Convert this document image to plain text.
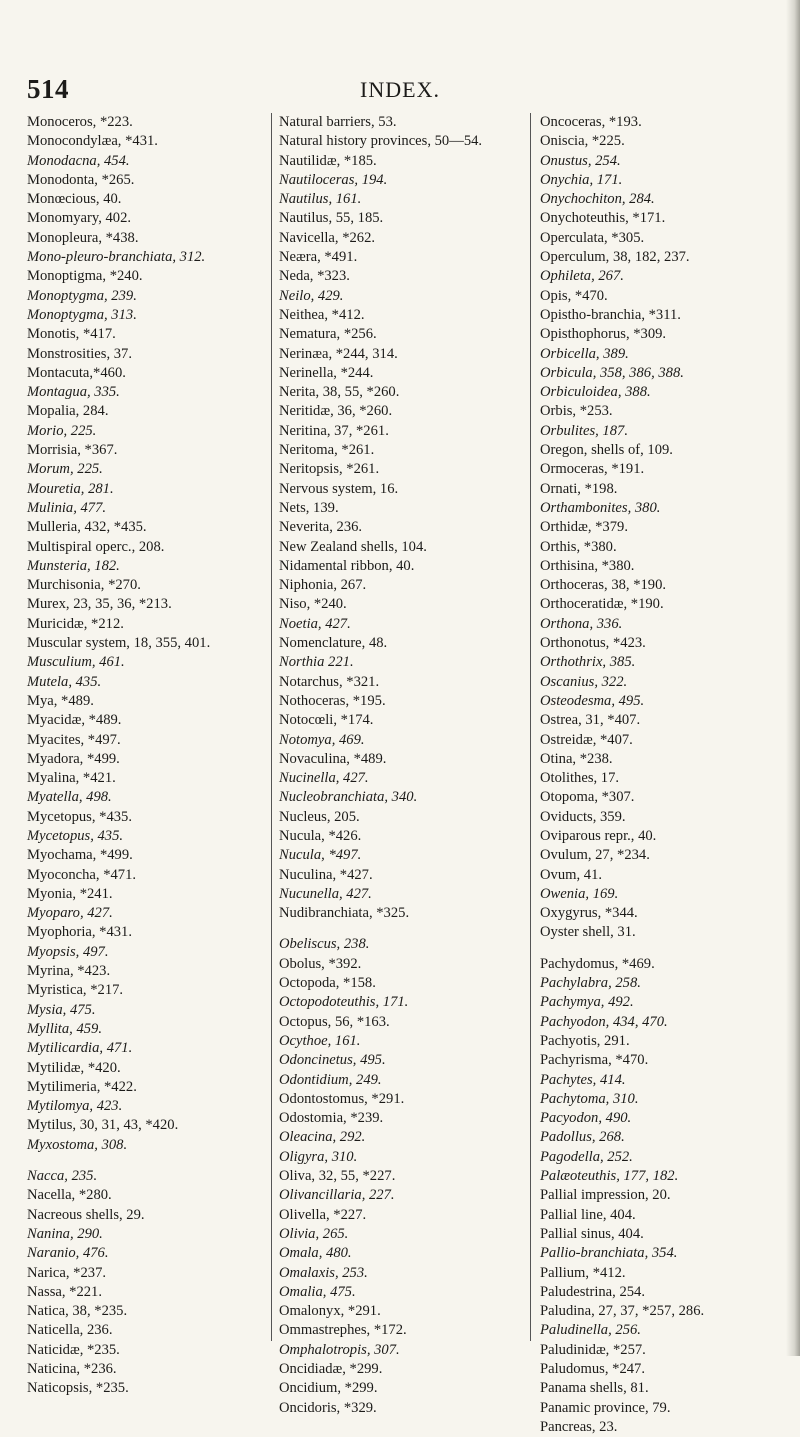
514	INDEX.
Monoceros, *223.
Monocondylæa, *431.
Monodacna, 454.
Monodonta, *265.
Monœcious, 40.
Monomyary, 402.
Monopleura, *438.
Mono-pleuro-branchiata, 312.
Monoptigma, *240.
Monoptygma, 239.
Monoptygma, 313.
Monotis, *417.
Monstrosities, 37.
Montacuta,*460.
Montagua, 335.
Mopalia, 284.
Morio, 225.
Morrisia, *367.
Morum, 225.
Mouretia, 281.
Mulinia, 477.
Mulleria, 432, *435.
Multispiral operc., 208.
Munsteria, 182.
Murchisonia, *270.
Murex, 23, 35, 36, *213.
Muricidæ, *212.
Muscular system, 18, 355, 401.
Musculium, 461.
Mutela, 435.
Mya, *489.
Myacidæ, *489.
Myacites, *497.
Myadora, *499.
Myalina, *421.
Myatella, 498.
Mycetopus, *435.
Mycetopus, 435.
Myochama, *499.
Myoconcha, *471.
Myonia, *241.
Myoparo, 427.
Myophoria, *431.
Myopsis, 497.
Myrina, *423.
Myristica, *217.
Mysia, 475.
Myllita, 459.
Mytilicardia, 471.
Mytilidæ, *420.
Mytilimeria, *422.
Mytilomya, 423.
Mytilus, 30, 31, 43, *420.
Myxostoma, 308.
Nacca, 235.
Nacella, *280.
Nacreous shells, 29.
Nanina, 290.
Naranio, 476.
Narica, *237.
Nassa, *221.
Natica, 38, *235.
Naticella, 236.
Naticidæ, *235.
Naticina, *236.
Naticopsis, *235.
Natural barriers, 53.
Natural history provinces, 50—54.
Nautilidæ, *185.
Nautiloceras, 194.
Nautilus, 161.
Nautilus, 55, 185.
Navicella, *262.
Neæra, *491.
Neda, *323.
Neilo, 429.
Neithea, *412.
Nematura, *256.
Nerinæa, *244, 314.
Nerinella, *244.
Nerita, 38, 55, *260.
Neritidæ, 36, *260.
Neritina, 37, *261.
Neritoma, *261.
Neritopsis, *261.
Nervous system, 16.
Nets, 139.
Neverita, 236.
New Zealand shells, 104.
Nidamental ribbon, 40.
Niphonia, 267.
Niso, *240.
Noetia, 427.
Nomenclature, 48.
Northia 221.
Notarchus, *321.
Nothoceras, *195.
Notocœli, *174.
Notomya, 469.
Novaculina, *489.
Nucinella, 427.
Nucleobranchiata, 340.
Nucleus, 205.
Nucula, *426.
Nucula, *497.
Nuculina, *427.
Nucunella, 427.
Nudibranchiata, *325.
Obeliscus, 238.
Obolus, *392.
Octopoda, *158.
Octopodoteuthis, 171.
Octopus, 56, *163.
Ocythoe, 161.
Odoncinetus, 495.
Odontidium, 249.
Odontostomus, *291.
Odostomia, *239.
Oleacina, 292.
Oligyra, 310.
Oliva, 32, 55, *227.
Olivancillaria, 227.
Olivella, *227.
Olivia, 265.
Omala, 480.
Omalaxis, 253.
Omalia, 475.
Omalonyx, *291.
Ommastrephes, *172.
Omphalotropis, 307.
Oncidiadæ, *299.
Oncidium, *299.
Oncidoris, *329.
Oncoceras, *193.
Oniscia, *225.
Onustus, 254.
Onychia, 171.
Onychochiton, 284.
Onychoteuthis, *171.
Operculata, *305.
Operculum, 38, 182, 237.
Ophileta, 267.
Opis, *470.
Opistho-branchia, *311.
Opisthophorus, *309.
Orbicella, 389.
Orbicula, 358, 386, 388.
Orbiculoidea, 388.
Orbis, *253.
Orbulites, 187.
Oregon, shells of, 109.
Ormoceras, *191.
Ornati, *198.
Orthambonites, 380.
Orthidæ, *379.
Orthis, *380.
Orthisina, *380.
Orthoceras, 38, *190.
Orthoceratidæ, *190.
Orthona, 336.
Orthonotus, *423.
Orthothrix, 385.
Oscanius, 322.
Osteodesma, 495.
Ostrea, 31, *407.
Ostreidæ, *407.
Otina, *238.
Otolithes, 17.
Otopoma, *307.
Oviducts, 359.
Oviparous repr., 40.
Ovulum, 27, *234.
Ovum, 41.
Owenia, 169.
Oxygyrus, *344.
Oyster shell, 31.
Pachydomus, *469.
Pachylabra, 258.
Pachymya, 492.
Pachyodon, 434, 470.
Pachyotis, 291.
Pachyrisma, *470.
Pachytes, 414.
Pachytoma, 310.
Pacyodon, 490.
Padollus, 268.
Pagodella, 252.
Palæoteuthis, 177, 182.
Pallial impression, 20.
Pallial line, 404.
Pallial sinus, 404.
Pallio-branchiata, 354.
Pallium, *412.
Paludestrina, 254.
Paludina, 27, 37, *257, 286.
Paludinella, 256.
Paludinidæ, *257.
Paludomus, *247.
Panama shells, 81.
Panamic province, 79.
Pancreas, 23.
